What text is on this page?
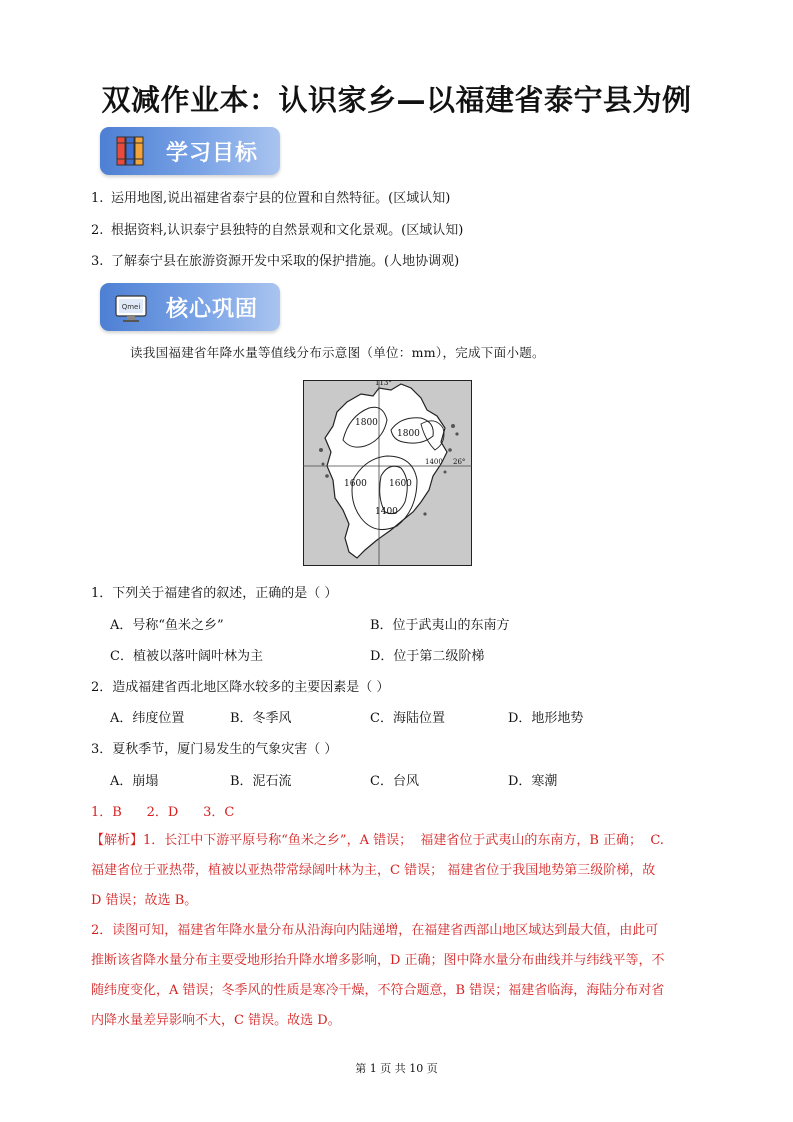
双减作业本：认识家乡—以福建省泰宁县为例
学习目标
1. 运用地图,说出福建省泰宁县的位置和自然特征。(区域认知)
2. 根据资料,认识泰宁县独特的自然景观和文化景观。(区域认知)
3. 了解泰宁县在旅游资源开发中采取的保护措施。(人地协调观)
Qmei 核心巩固
读我国福建省年降水量等值线分布示意图（单位：mm），完成下面小题。
113°
26°
1800
1800
1600 1600
1400
1400
1．下列关于福建省的叙述，正确的是（ ）
A．号称“鱼米之乡”	B．位于武夷山的东南方
C．植被以落叶阔叶林为主	D．位于第二级阶梯
2．造成福建省西北地区降水较多的主要因素是（ ）
A．纬度位置	B．冬季风	C．海陆位置	D．地形地势
3．夏秋季节，厦门易发生的气象灾害（ ）
A．崩塌	B．泥石流	C．台风	D．寒潮
1．B      2．D      3．C
【解析】1．长江中下游平原号称“鱼米之乡”，A 错误；  福建省位于武夷山的东南方，B 正确；  C.
福建省位于亚热带，植被以亚热带常绿阔叶林为主，C 错误； 福建省位于我国地势第三级阶梯，故
D 错误；故选 B。
2．读图可知，福建省年降水量分布从沿海向内陆递增，在福建省西部山地区域达到最大值，由此可
推断该省降水量分布主要受地形抬升降水增多影响，D 正确；图中降水量分布曲线并与纬线平等，不
随纬度变化，A 错误；冬季风的性质是寒冷干燥，不符合题意，B 错误；福建省临海，海陆分布对省
内降水量差异影响不大，C 错误。故选 D。
第 1 页 共 10 页
